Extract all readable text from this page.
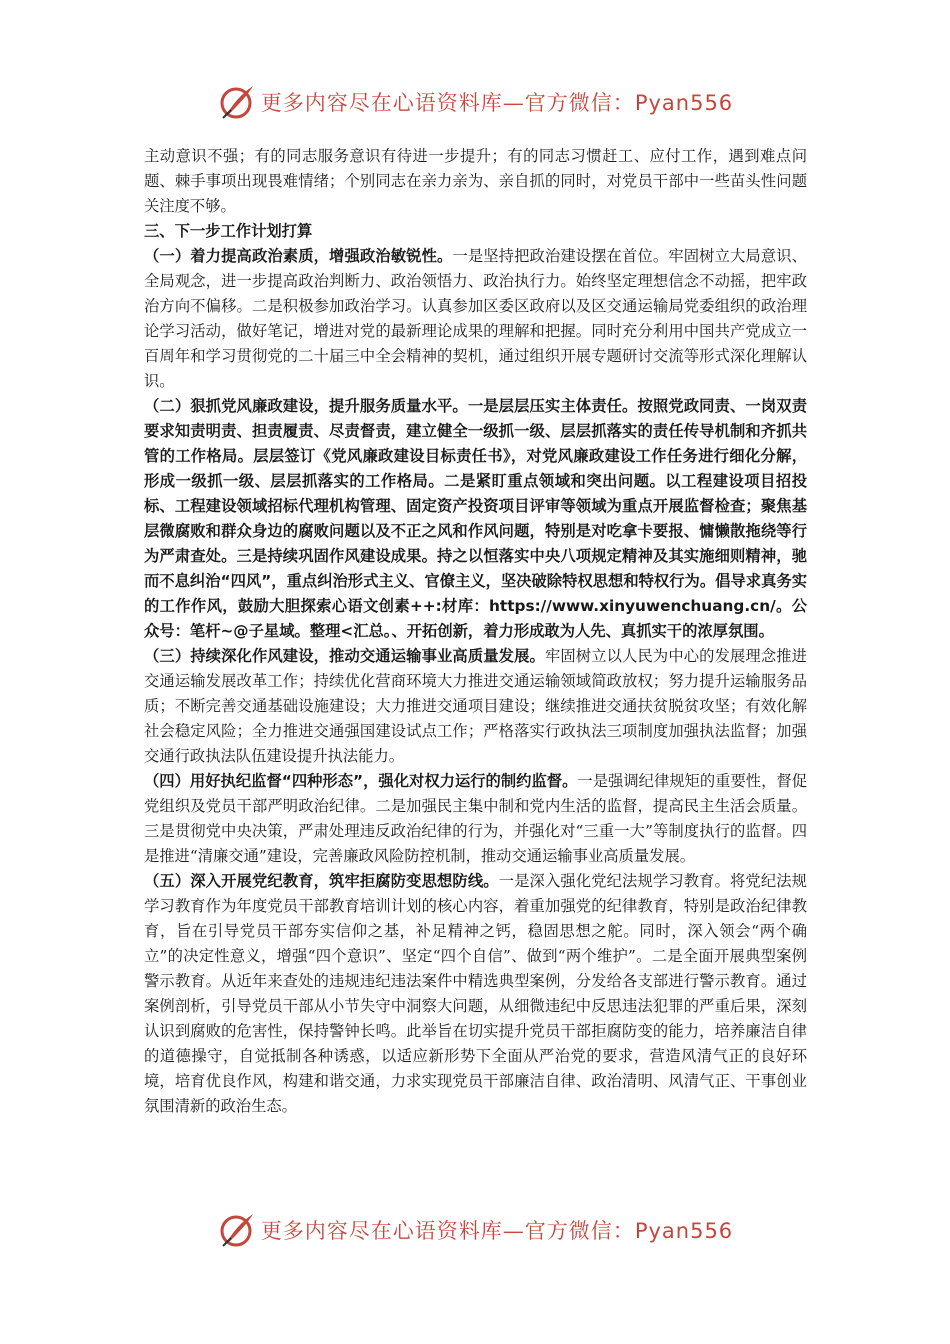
更多内容尽在心语资料库—官方微信：Pyan556

主动意识不强；有的同志服务意识有待进一步提升；有的同志习惯赶工、应付工作，遇到难点问题、棘手事项出现畏难情绪；个别同志在亲力亲为、亲自抓的同时，对党员干部中一些苗头性问题关注度不够。

三、下一步工作计划打算

（一）着力提高政治素质，增强政治敏锐性。一是坚持把政治建设摆在首位。牢固树立大局意识、全局观念，进一步提高政治判断力、政治领悟力、政治执行力。始终坚定理想信念不动摇，把牢政治方向不偏移。二是积极参加政治学习。认真参加区委区政府以及区交通运输局党委组织的政治理论学习活动，做好笔记，增进对党的最新理论成果的理解和把握。同时充分利用中国共产党成立一百周年和学习贯彻党的二十届三中全会精神的契机，通过组织开展专题研讨交流等形式深化理解认识。

（二）狠抓党风廉政建设，提升服务质量水平。一是层层压实主体责任。按照党政同责、一岗双责要求知责明责、担责履责、尽责督责，建立健全一级抓一级、层层抓落实的责任传导机制和齐抓共管的工作格局。层层签订《党风廉政建设目标责任书》，对党风廉政建设工作任务进行细化分解，形成一级抓一级、层层抓落实的工作格局。二是紧盯重点领域和突出问题。以工程建设项目招投标、工程建设领域招标代理机构管理、固定资产投资项目评审等领域为重点开展监督检查；聚焦基层微腐败和群众身边的腐败问题以及不正之风和作风问题，特别是对吃拿卡要报、慵懒散拖绕等行为严肃查处。三是持续巩固作风建设成果。持之以恒落实中央八项规定精神及其实施细则精神，驰而不息纠治“四风”，重点纠治形式主义、官僚主义，坚决破除特权思想和特权行为。倡导求真务实的工作作风，鼓励大胆探索心语文创素++:材库：https://www.xinyuwenchuang.cn/。公众号：笔杆~@子星域。整理<汇总。、开拓创新，着力形成敢为人先、真抓实干的浓厚氛围。

（三）持续深化作风建设，推动交通运输事业高质量发展。牢固树立以人民为中心的发展理念推进交通运输发展改革工作；持续优化营商环境大力推进交通运输领域简政放权；努力提升运输服务品质；不断完善交通基础设施建设；大力推进交通项目建设；继续推进交通扶贫脱贫攻坚；有效化解社会稳定风险；全力推进交通强国建设试点工作；严格落实行政执法三项制度加强执法监督；加强交通行政执法队伍建设提升执法能力。

（四）用好执纪监督“四种形态”，强化对权力运行的制约监督。一是强调纪律规矩的重要性，督促党组织及党员干部严明政治纪律。二是加强民主集中制和党内生活的监督，提高民主生活会质量。三是贯彻党中央决策，严肃处理违反政治纪律的行为，并强化对“三重一大”等制度执行的监督。四是推进“清廉交通”建设，完善廉政风险防控机制，推动交通运输事业高质量发展。

（五）深入开展党纪教育，筑牢拒腐防变思想防线。一是深入强化党纪法规学习教育。将党纪法规学习教育作为年度党员干部教育培训计划的核心内容，着重加强党的纪律教育，特别是政治纪律教育，旨在引导党员干部夯实信仰之基，补足精神之钙，稳固思想之舵。同时，深入领会“两个确立”的决定性意义，增强“四个意识”、坚定“四个自信”、做到“两个维护”。二是全面开展典型案例警示教育。从近年来查处的违规违纪违法案件中精选典型案例，分发给各支部进行警示教育。通过案例剖析，引导党员干部从小节失守中洞察大问题，从细微违纪中反思违法犯罪的严重后果，深刻认识到腐败的危害性，保持警钟长鸣。此举旨在切实提升党员干部拒腐防变的能力，培养廉洁自律的道德操守，自觉抵制各种诱惑，以适应新形势下全面从严治党的要求，营造风清气正的良好环境，培育优良作风，构建和谐交通，力求实现党员干部廉洁自律、政治清明、风清气正、干事创业氛围清新的政治生态。

更多内容尽在心语资料库—官方微信：Pyan556
